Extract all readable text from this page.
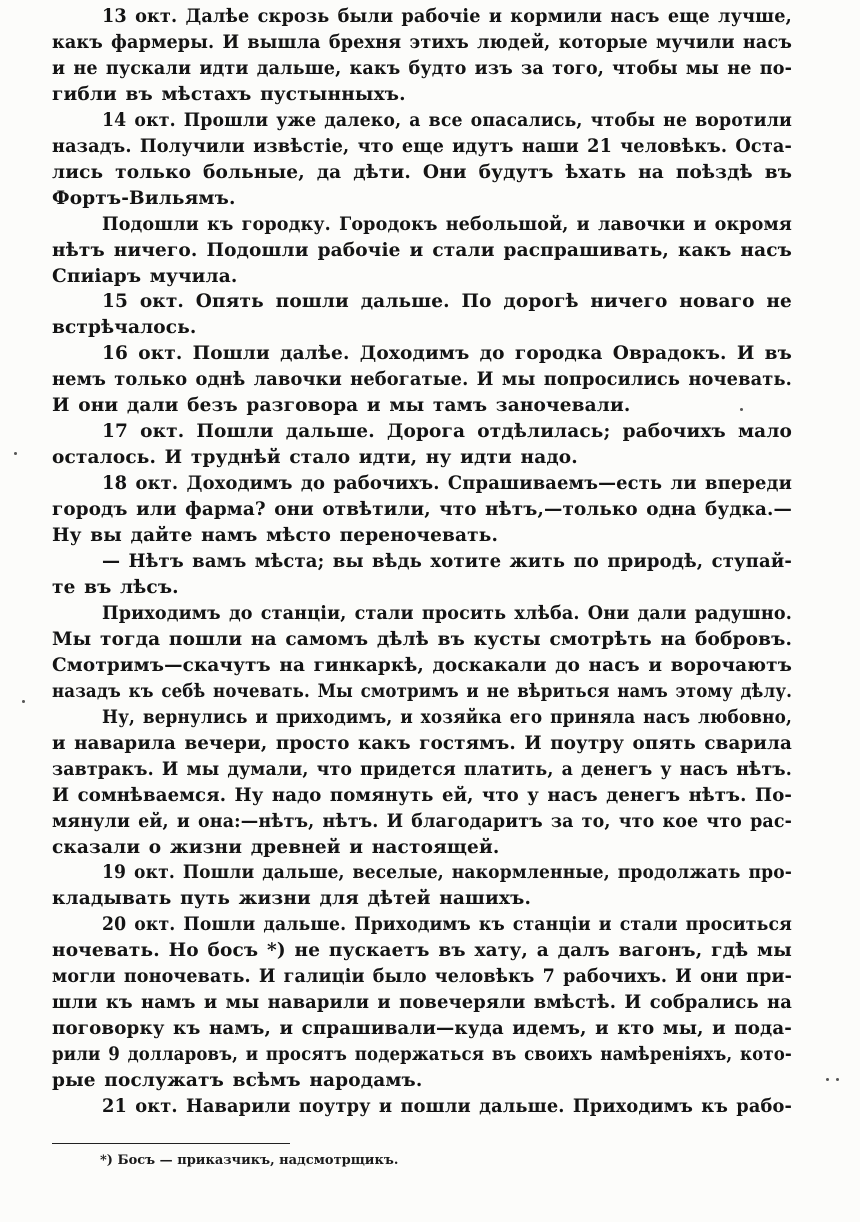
13 окт. Далѣе скрозь были рабочіе и кормили насъ еще лучше,
какъ фармеры. И вышла брехня этихъ людей, которые мучили насъ
и не пускали идти дальше, какъ будто изъ за того, чтобы мы не по-
гибли въ мѣстахъ пустынныхъ.
14 окт. Прошли уже далеко, а все опасались, чтобы не воротили
назадъ. Получили извѣстіе, что еще идутъ наши 21 человѣкъ. Оста-
лись только больные, да дѣти. Они будутъ ѣхать на поѣздѣ въ
Фортъ-Вильямъ.
Подошли къ городку. Городокъ небольшой, и лавочки и окромя
нѣтъ ничего. Подошли рабочіе и стали распрашивать, какъ насъ
Спиіаръ мучила.
15 окт. Опять пошли дальше. По дорогѣ ничего новаго не
встрѣчалось.
16 окт. Пошли далѣе. Доходимъ до городка Оврадокъ. И въ
немъ только однѣ лавочки небогатые. И мы попросились ночевать.
И они дали безъ разговора и мы тамъ заночевали.
17 окт. Пошли дальше. Дорога отдѣлилась; рабочихъ мало
осталось. И труднѣй стало идти, ну идти надо.
18 окт. Доходимъ до рабочихъ. Спрашиваемъ—есть ли впереди
городъ или фарма? они отвѣтили, что нѣтъ,—только одна будка.—
Ну вы дайте намъ мѣсто переночевать.
— Нѣтъ вамъ мѣста; вы вѣдь хотите жить по природѣ, ступай-
те въ лѣсъ.
Приходимъ до станціи, стали просить хлѣба. Они дали радушно.
Мы тогда пошли на самомъ дѣлѣ въ кусты смотрѣть на бобровъ.
Смотримъ—скачутъ на гинкаркѣ, доскакали до насъ и ворочаютъ
назадъ къ себѣ ночевать. Мы смотримъ и не вѣриться намъ этому дѣлу.
Ну, вернулись и приходимъ, и хозяйка его приняла насъ любовно,
и наварила вечери, просто какъ гостямъ. И поутру опять сварила
завтракъ. И мы думали, что придется платить, а денегъ у насъ нѣтъ.
И сомнѣваемся. Ну надо помянуть ей, что у насъ денегъ нѣтъ. По-
мянули ей, и она:—нѣтъ, нѣтъ. И благодаритъ за то, что кое что рас-
сказали о жизни древней и настоящей.
19 окт. Пошли дальше, веселые, накормленные, продолжать про-
кладывать путь жизни для дѣтей нашихъ.
20 окт. Пошли дальше. Приходимъ къ станціи и стали проситься
ночевать. Но босъ *) не пускаетъ въ хату, а далъ вагонъ, гдѣ мы
могли поночевать. И галиціи было человѣкъ 7 рабочихъ. И они при-
шли къ намъ и мы наварили и повечеряли вмѣстѣ. И собрались на
поговорку къ намъ, и спрашивали—куда идемъ, и кто мы, и пода-
рили 9 долларовъ, и просятъ подержаться въ своихъ намѣреніяхъ, кото-
рые послужатъ всѣмъ народамъ.
21 окт. Наварили поутру и пошли дальше. Приходимъ къ рабо-
*) Босъ — приказчикъ, надсмотрщикъ.
